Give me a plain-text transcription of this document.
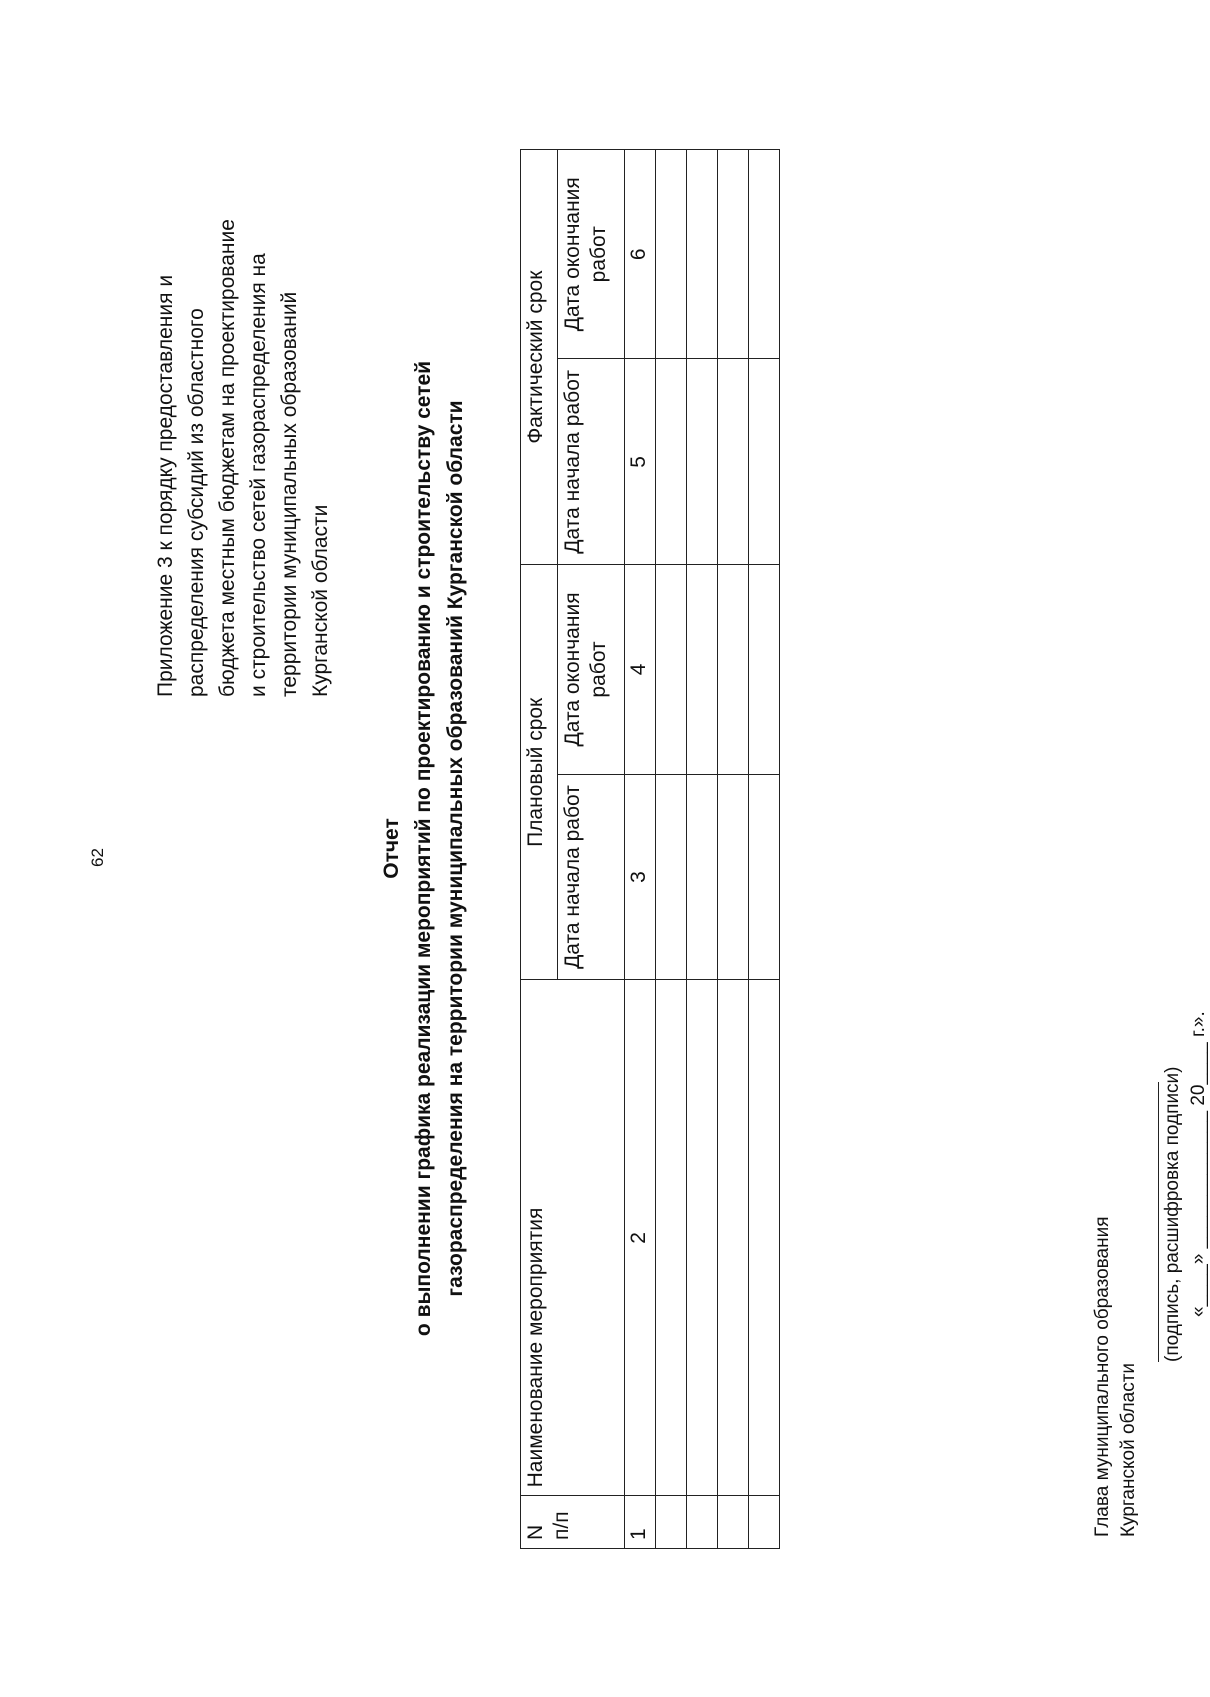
62
Приложение 3 к порядку предоставления и распределения субсидий из областного бюджета местным бюджетам на проектирование и строительство сетей газораспределения на территории муниципальных образований Курганской области
Отчет о выполнении графика реализации мероприятий по проектированию и строительству сетей газораспределения на территории муниципальных образований Курганской области
N п/п	Наименование мероприятия	Плановый срок		Фактический срок	
		Дата начала работ	Дата окончания работ	Дата начала работ	Дата окончания работ
1	2	3	4	5	6

Глава муниципального образования Курганской области
(подпись, расшифровка подписи) «____» _____________ 20____ г.».
